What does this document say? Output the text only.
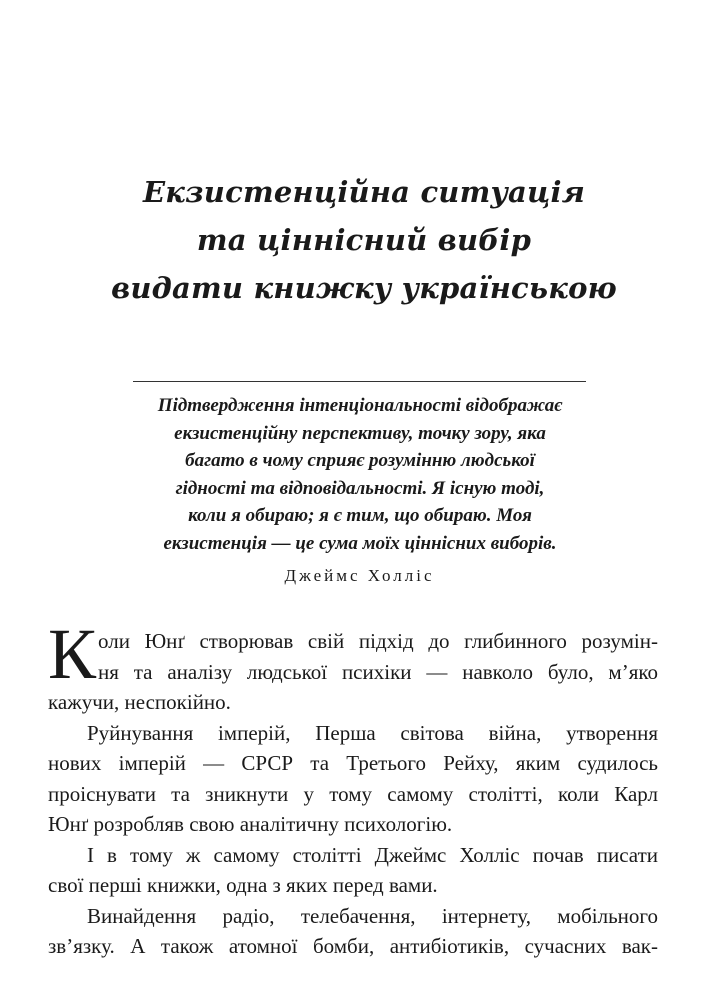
Екзистенційна ситуація
та ціннісний вибір
видати книжку українською
Підтвердження інтенціональності відображає
екзистенційну перспективу, точку зору, яка
багато в чому сприяє розумінню людської
гідності та відповідальності. Я існую тоді,
коли я обираю; я є тим, що обираю. Моя
екзистенція — це сума моїх ціннісних виборів.
Джеймс Холліс
К оли Юнґ створював свій підхід до глибинного розумін-
ня та аналізу людської психіки — навколо було, м’яко
кажучи, неспокійно.
Руйнування імперій, Перша світова війна, утворення
нових імперій — СРСР та Третього Рейху, яким судилось
проіснувати та зникнути у тому самому столітті, коли Карл
Юнґ розробляв свою аналітичну психологію.
І в тому ж самому столітті Джеймс Холліс почав писати
свої перші книжки, одна з яких перед вами.
Винайдення радіо, телебачення, інтернету, мобільного
зв’язку. А також атомної бомби, антибіотиків, сучасних вак-
